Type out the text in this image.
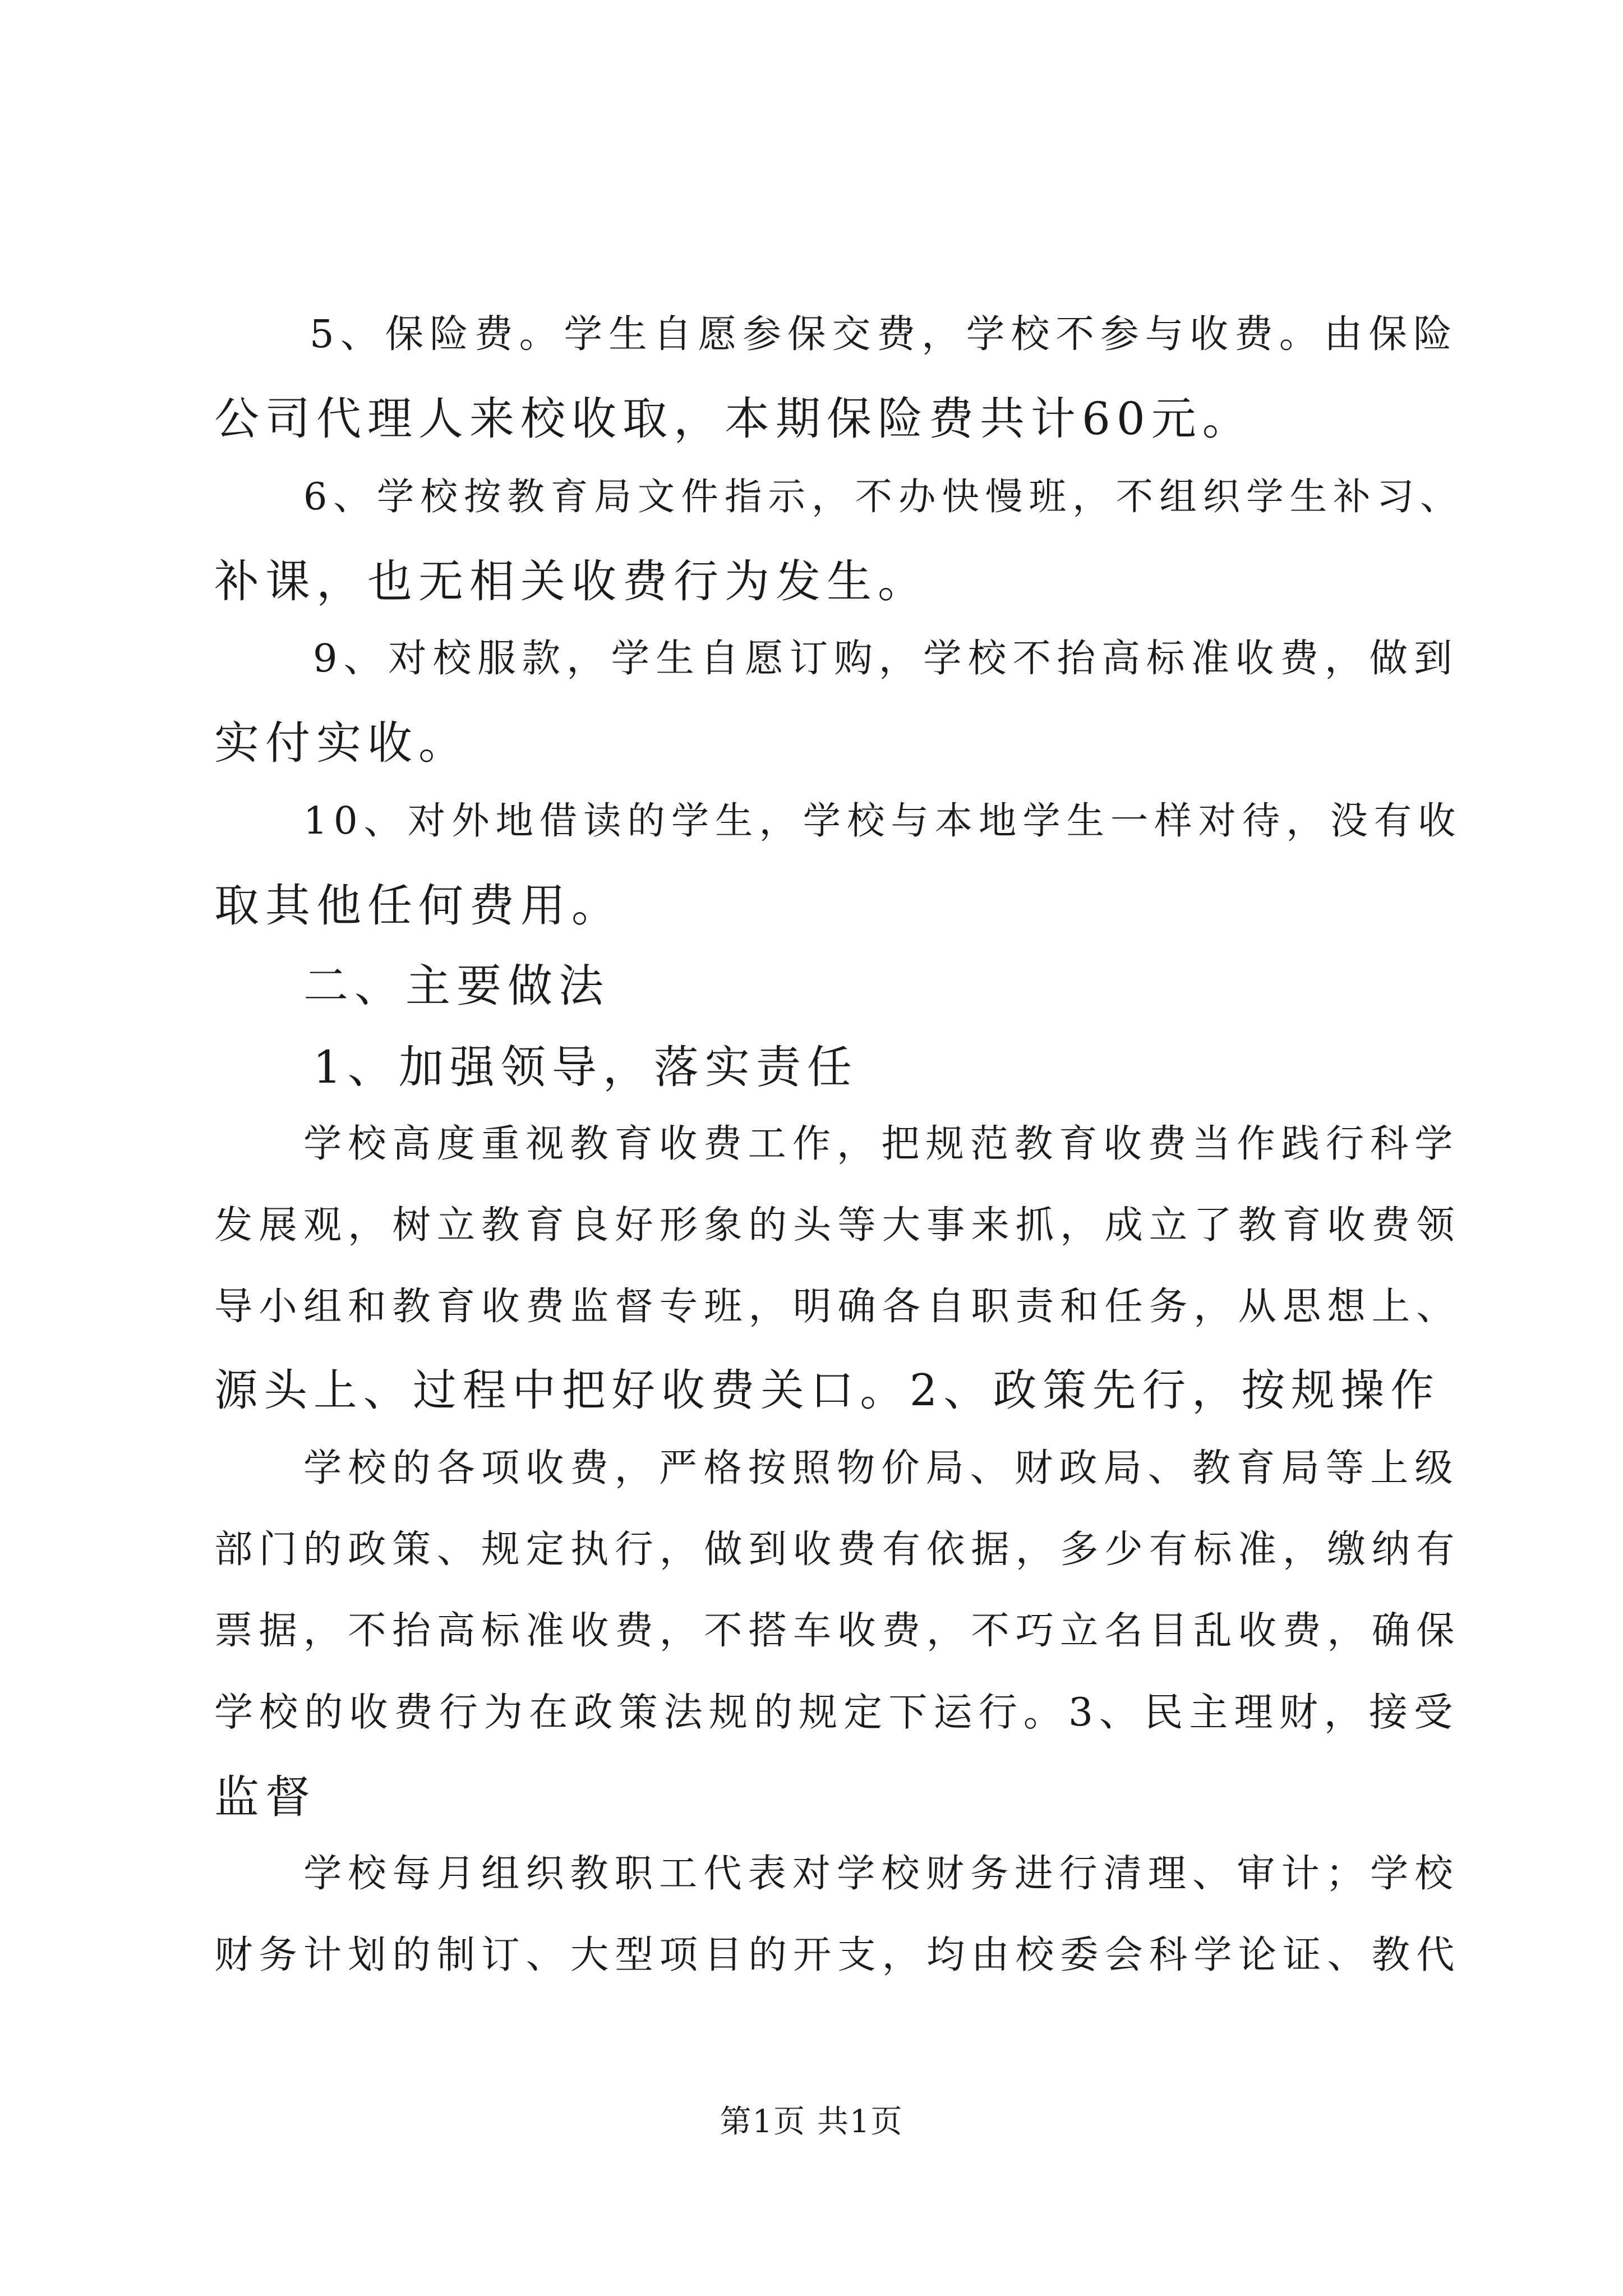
5、保险费。学生自愿参保交费，学校不参与收费。由保险
公司代理人来校收取，本期保险费共计60元。
6、学校按教育局文件指示，不办快慢班，不组织学生补习、
补课，也无相关收费行为发生。
9、对校服款，学生自愿订购，学校不抬高标准收费，做到
实付实收。
10、对外地借读的学生，学校与本地学生一样对待，没有收
取其他任何费用。
二、主要做法
1、加强领导，落实责任
学校高度重视教育收费工作，把规范教育收费当作践行科学
发展观，树立教育良好形象的头等大事来抓，成立了教育收费领
导小组和教育收费监督专班，明确各自职责和任务，从思想上、
源头上、过程中把好收费关口。2、政策先行，按规操作
学校的各项收费，严格按照物价局、财政局、教育局等上级
部门的政策、规定执行，做到收费有依据，多少有标准，缴纳有
票据，不抬高标准收费，不搭车收费，不巧立名目乱收费，确保
学校的收费行为在政策法规的规定下运行。3、民主理财，接受
监督
学校每月组织教职工代表对学校财务进行清理、审计；学校
财务计划的制订、大型项目的开支，均由校委会科学论证、教代
第1页 共1页
